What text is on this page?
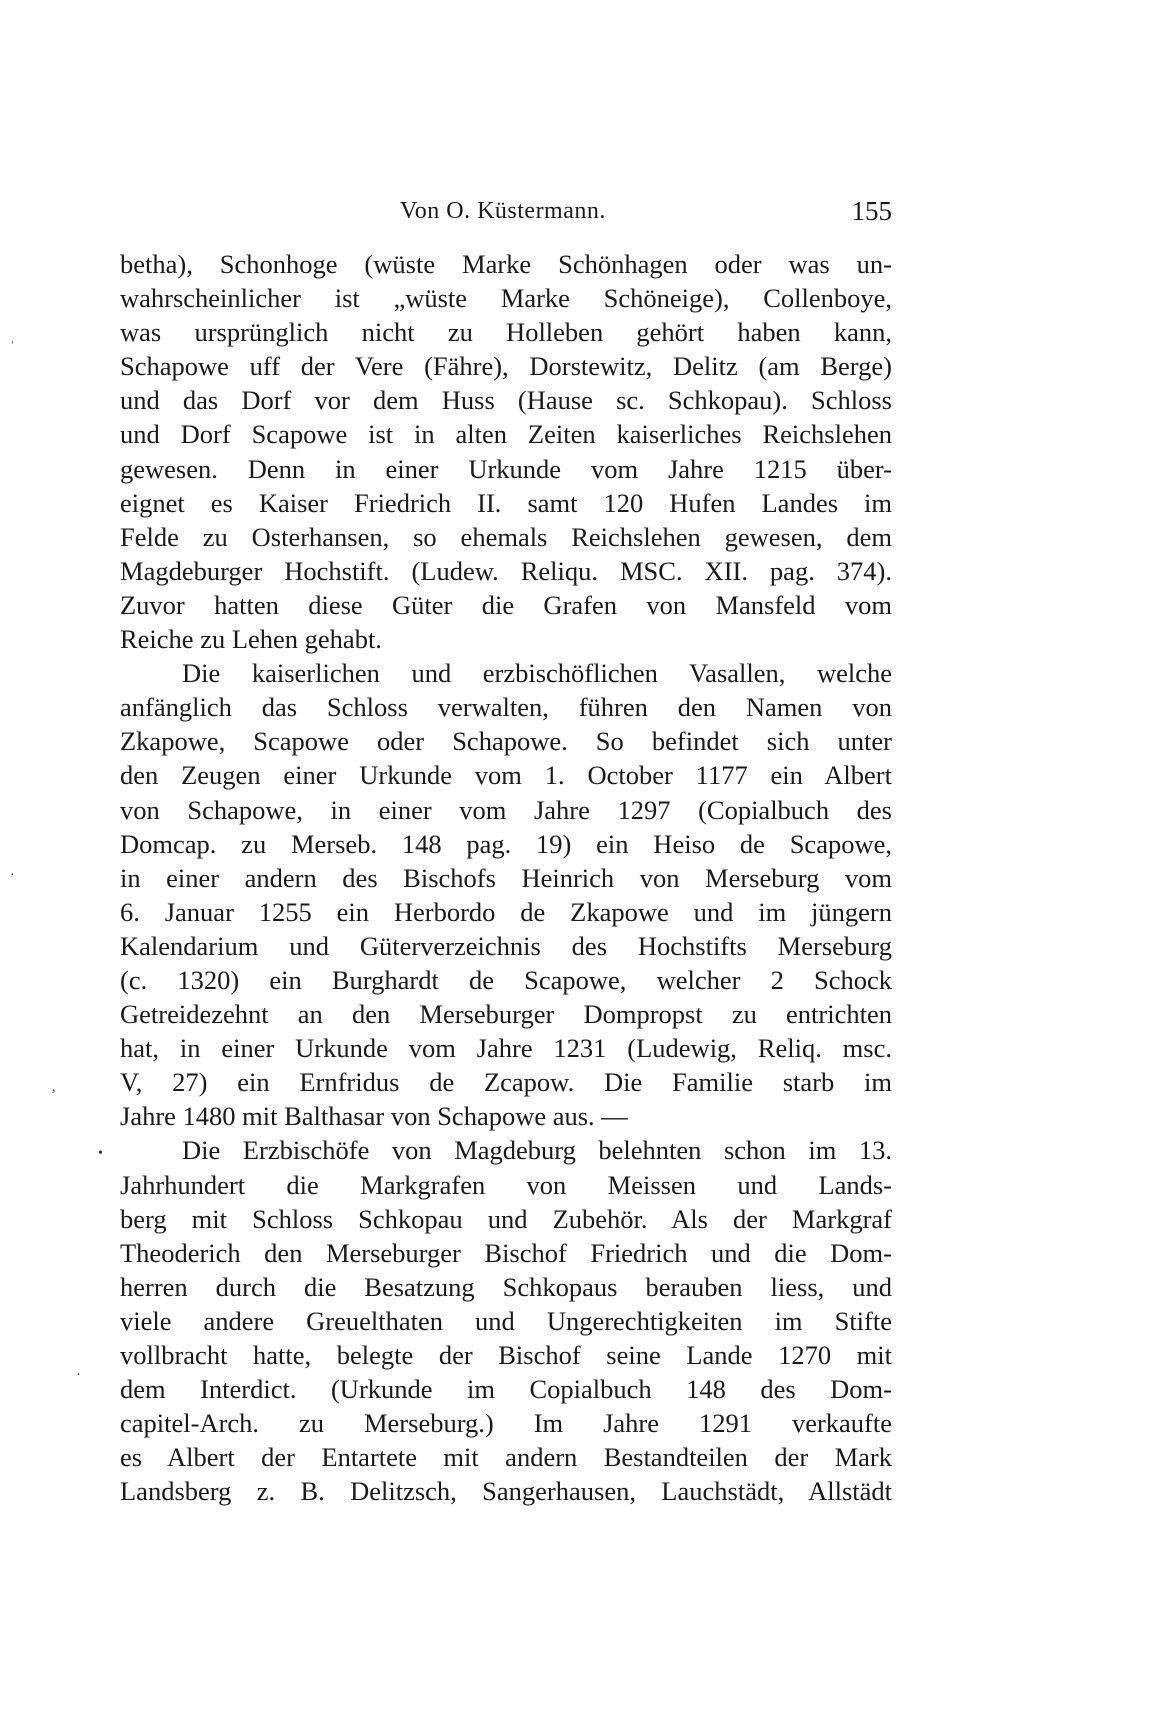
Von O. Küstermann.	155
betha), Schonhoge (wüste Marke Schönhagen oder was un-
wahrscheinlicher ist „wüste Marke Schöneige), Collenboye,
was ursprünglich nicht zu Holleben gehört haben kann,
Schapowe uff der Vere (Fähre), Dorstewitz, Delitz (am Berge)
und das Dorf vor dem Huss (Hause sc. Schkopau). Schloss
und Dorf Scapowe ist in alten Zeiten kaiserliches Reichslehen
gewesen. Denn in einer Urkunde vom Jahre 1215 über-
eignet es Kaiser Friedrich II. samt 120 Hufen Landes im
Felde zu Osterhansen, so ehemals Reichslehen gewesen, dem
Magdeburger Hochstift. (Ludew. Reliqu. MSC. XII. pag. 374).
Zuvor hatten diese Güter die Grafen von Mansfeld vom
Reiche zu Lehen gehabt.
Die kaiserlichen und erzbischöflichen Vasallen, welche
anfänglich das Schloss verwalten, führen den Namen von
Zkapowe, Scapowe oder Schapowe. So befindet sich unter
den Zeugen einer Urkunde vom 1. October 1177 ein Albert
von Schapowe, in einer vom Jahre 1297 (Copialbuch des
Domcap. zu Merseb. 148 pag. 19) ein Heiso de Scapowe,
in einer andern des Bischofs Heinrich von Merseburg vom
6. Januar 1255 ein Herbordo de Zkapowe und im jüngern
Kalendarium und Güterverzeichnis des Hochstifts Merseburg
(c. 1320) ein Burghardt de Scapowe, welcher 2 Schock
Getreidezehnt an den Merseburger Dompropst zu entrichten
hat, in einer Urkunde vom Jahre 1231 (Ludewig, Reliq. msc.
V, 27) ein Ernfridus de Zcapow. Die Familie starb im
Jahre 1480 mit Balthasar von Schapowe aus. —
Die Erzbischöfe von Magdeburg belehnten schon im 13.
Jahrhundert die Markgrafen von Meissen und Lands-
berg mit Schloss Schkopau und Zubehör. Als der Markgraf
Theoderich den Merseburger Bischof Friedrich und die Dom-
herren durch die Besatzung Schkopaus berauben liess, und
viele andere Greuelthaten und Ungerechtigkeiten im Stifte
vollbracht hatte, belegte der Bischof seine Lande 1270 mit
dem Interdict. (Urkunde im Copialbuch 148 des Dom-
capitel-Arch. zu Merseburg.) Im Jahre 1291 verkaufte
es Albert der Entartete mit andern Bestandteilen der Mark
Landsberg z. B. Delitzsch, Sangerhausen, Lauchstädt, Allstädt
ˈ
·
,
•
·
